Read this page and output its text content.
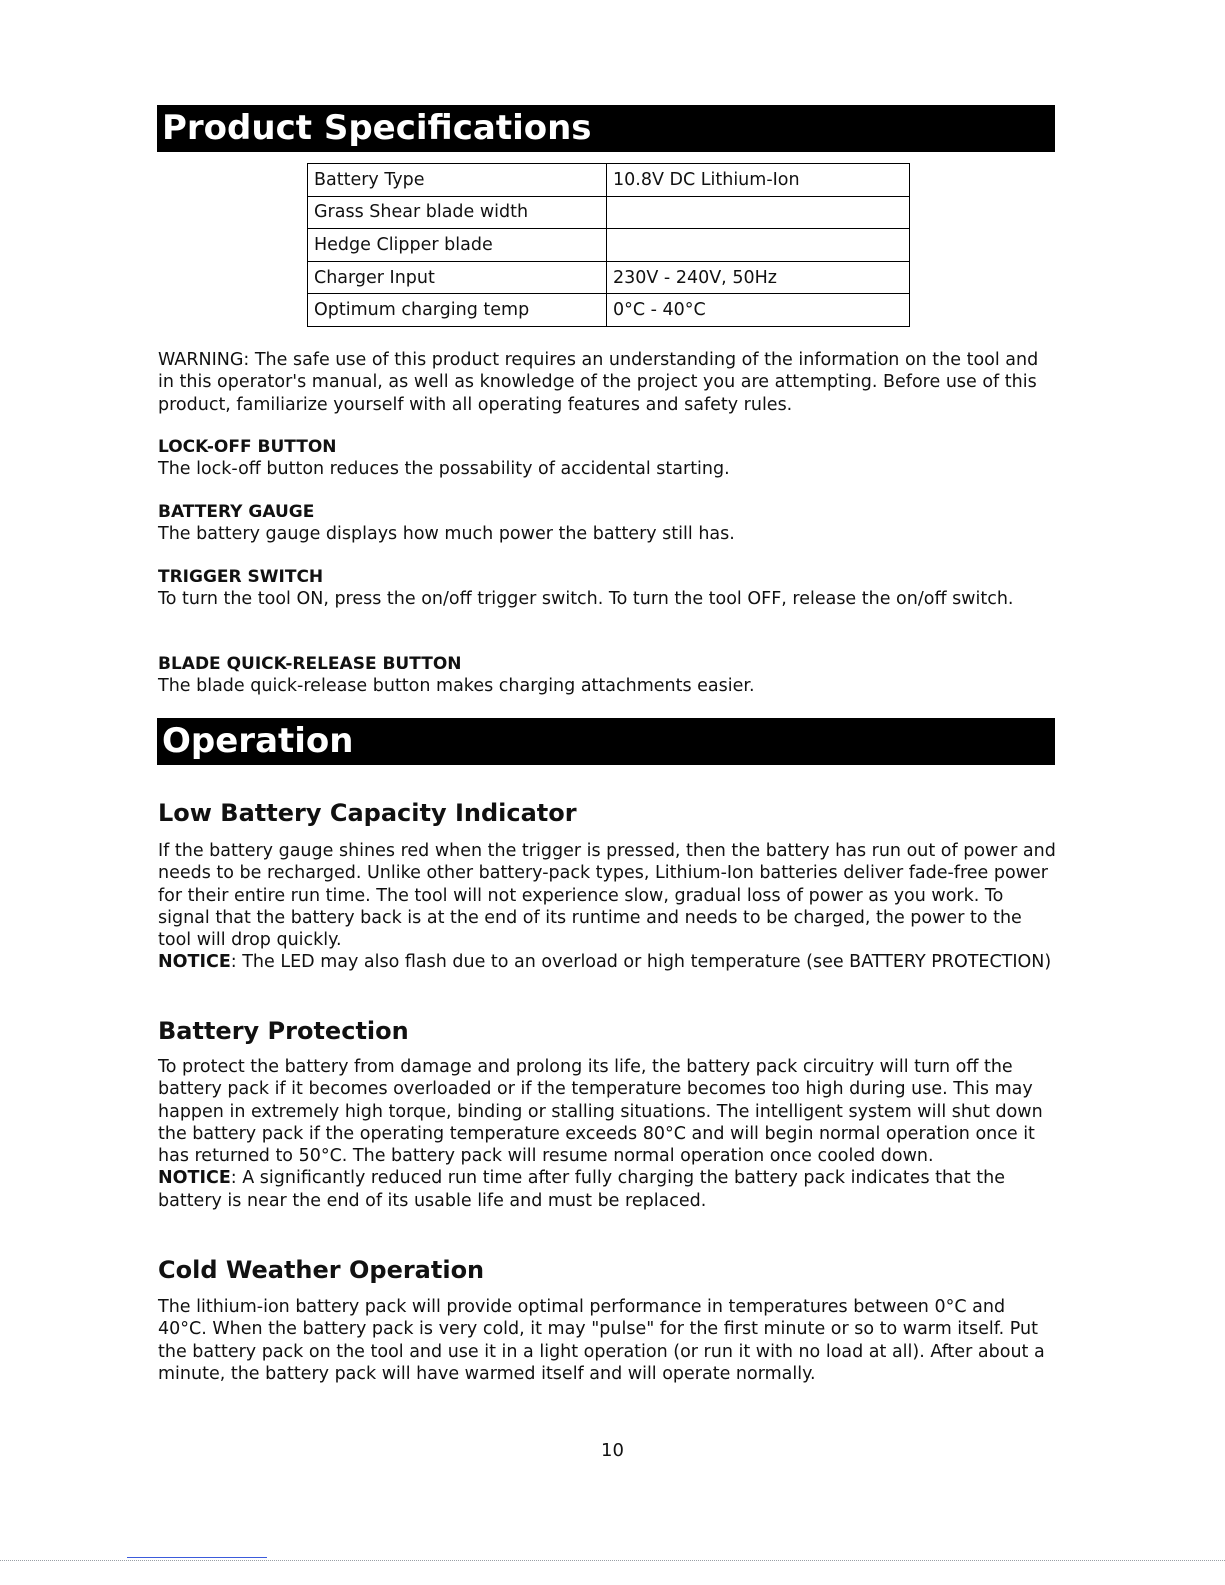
Product Specifications
Battery Type	10.8V DC Lithium-Ion
Grass Shear blade width	
Hedge Clipper blade	
Charger Input	230V - 240V, 50Hz
Optimum charging temp	0°C - 40°C

WARNING: The safe use of this product requires an understanding of the information on the tool and in this operator's manual, as well as knowledge of the project you are attempting. Before use of this product, familiarize yourself with all operating features and safety rules.

LOCK-OFF BUTTON

The lock-off button reduces the possability of accidental starting.

BATTERY GAUGE

The battery gauge displays how much power the battery still has.

TRIGGER SWITCH

To turn the tool ON, press the on/off trigger switch. To turn the tool OFF, release the on/off switch.

BLADE QUICK-RELEASE BUTTON

The blade quick-release button makes charging attachments easier.

Operation
Low Battery Capacity Indicator

If the battery gauge shines red when the trigger is pressed, then the battery has run out of power and needs to be recharged. Unlike other battery-pack types, Lithium-Ion batteries deliver fade-free power for their entire run time. The tool will not experience slow, gradual loss of power as you work. To signal that the battery back is at the end of its runtime and needs to be charged, the power to the tool will drop quickly.
NOTICE: The LED may also flash due to an overload or high temperature (see BATTERY PROTECTION)

Battery Protection

To protect the battery from damage and prolong its life, the battery pack circuitry will turn off the battery pack if it becomes overloaded or if the temperature becomes too high during use. This may happen in extremely high torque, binding or stalling situations. The intelligent system will shut down the battery pack if the operating temperature exceeds 80°C and will begin normal operation once it has returned to 50°C. The battery pack will resume normal operation once cooled down.
NOTICE: A significantly reduced run time after fully charging the battery pack indicates that the battery is near the end of its usable life and must be replaced.

Cold Weather Operation

The lithium-ion battery pack will provide optimal performance in temperatures between 0°C and 40°C. When the battery pack is very cold, it may "pulse" for the first minute or so to warm itself. Put the battery pack on the tool and use it in a light operation (or run it with no load at all). After about a minute, the battery pack will have warmed itself and will operate normally.

10
